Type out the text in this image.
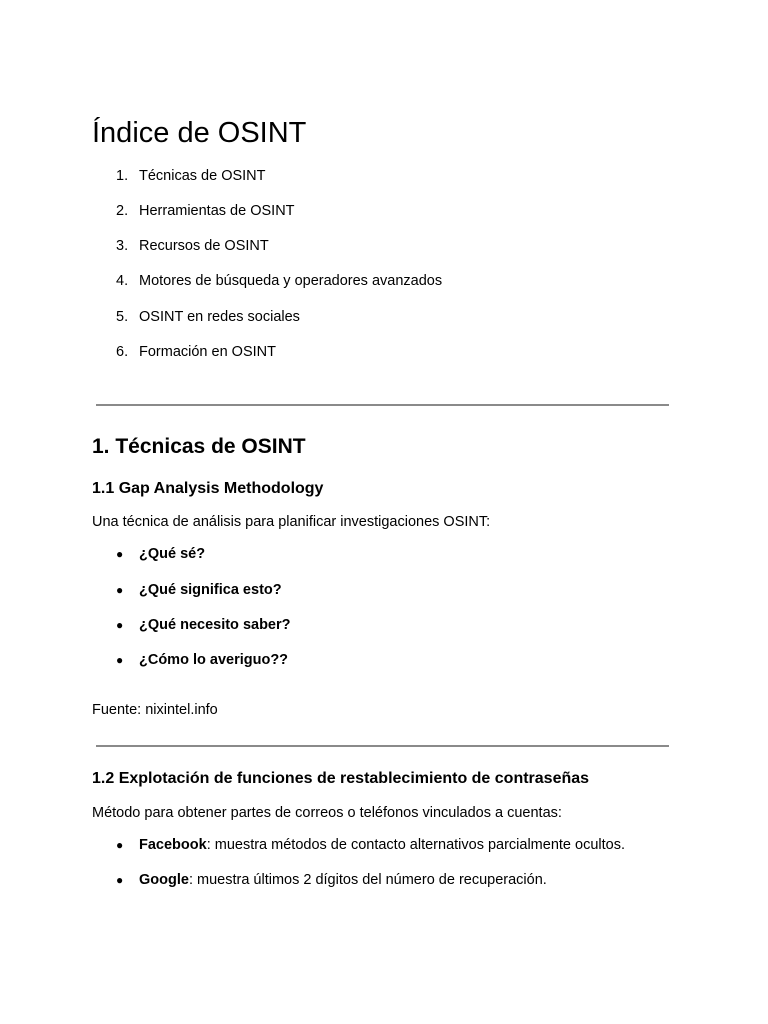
Índice de OSINT
1. Técnicas de OSINT
2. Herramientas de OSINT
3. Recursos de OSINT
4. Motores de búsqueda y operadores avanzados
5. OSINT en redes sociales
6. Formación en OSINT
1. Técnicas de OSINT
1.1 Gap Analysis Methodology
Una técnica de análisis para planificar investigaciones OSINT:
● ¿Qué sé?
● ¿Qué significa esto?
● ¿Qué necesito saber?
● ¿Cómo lo averiguo??
Fuente: nixintel.info
1.2 Explotación de funciones de restablecimiento de contraseñas
Método para obtener partes de correos o teléfonos vinculados a cuentas:
● Facebook: muestra métodos de contacto alternativos parcialmente ocultos.
● Google: muestra últimos 2 dígitos del número de recuperación.
